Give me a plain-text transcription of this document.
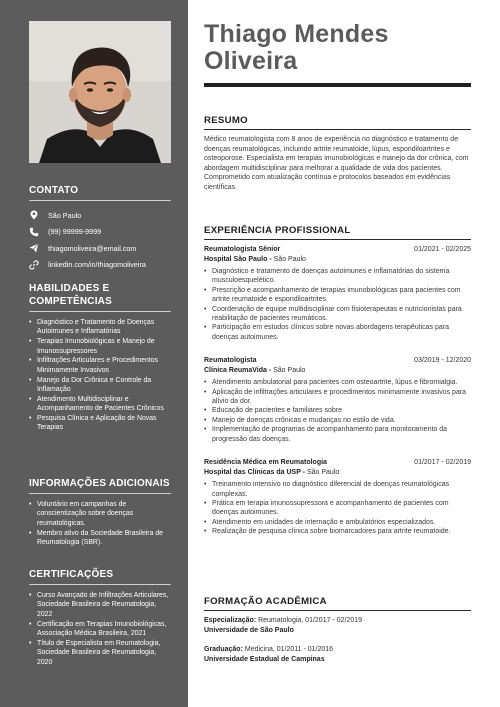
CONTATO
São Paulo
(99) 99999-9999
thiagomoliveira@email.com
linkedin.com/in/thiagomoliveira
HABILIDADES E COMPETÊNCIAS
• Diagnóstico e Tratamento de Doenças Autoimunes e Inflamatórias
• Terapias Imunobiológicas e Manejo de Imunossupressores
• Infiltrações Articulares e Procedimentos Minimamente Invasivos
• Manejo da Dor Crônica e Controle da Inflamação
• Atendimento Multidisciplinar e Acompanhamento de Pacientes Crônicos
• Pesquisa Clínica e Aplicação de Novas Terapias
INFORMAÇÕES ADICIONAIS
• Voluntário em campanhas de conscientização sobre doenças reumatológicas.
• Membro ativo da Sociedade Brasileira de Reumatologia (SBR).
CERTIFICAÇÕES
• Curso Avançado de Infiltrações Articulares, Sociedade Brasileira de Reumatologia, 2022
• Certificação em Terapias Imunobiológicas, Associação Médica Brasileira, 2021
• Título de Especialista em Reumatologia, Sociedade Brasileira de Reumatologia, 2020
Thiago Mendes Oliveira
RESUMO

Médico reumatologista com 8 anos de experiência no diagnóstico e tratamento de doenças reumatológicas, incluindo artrite reumatoide, lúpus, espondiloartrites e osteoporose. Especialista em terapias imunobiológicas e manejo da dor crônica, com abordagem multidisciplinar para melhorar a qualidade de vida dos pacientes. Comprometido com atualização contínua e protocolos baseados em evidências científicas.

EXPERIÊNCIA PROFISSIONAL
Reumatologista Sênior	01/2021 - 02/2025
Hospital São Paulo - São Paulo
• Diagnóstico e tratamento de doenças autoimunes e inflamatórias do sistema musculoesquelético.
• Prescrição e acompanhamento de terapias imunobiológicas para pacientes com artrite reumatoide e espondiloartrites.
• Coordenação de equipe multidisciplinar com fisioterapeutas e nutricionistas para reabilitação de pacientes reumáticos.
• Participação em estudos clínicos sobre novas abordagens terapêuticas para doenças autoimunes.
Reumatologista	03/2019 - 12/2020
Clínica ReumaVida - São Paulo
• Atendimento ambulatorial para pacientes com osteoartrite, lúpus e fibromialgia.
• Aplicação de infiltrações articulares e procedimentos minimamente invasivos para alívio da dor.
• Educação de pacientes e familiares sobre
• Manejo de doenças crônicas e mudanças no estilo de vida.
• Implementação de programas de acompanhamento para monitoramento da progressão das doenças.
Residência Médica em Reumatologia	01/2017 - 02/2019
Hospital das Clínicas da USP - São Paulo
• Treinamento intensivo no diagnóstico diferencial de doenças reumatológicas complexas.
• Prática em terapia imunossupressora e acompanhamento de pacientes com doenças autoimunes.
• Atendimento em unidades de internação e ambulatórios especializados.
• Realização de pesquisa clínica sobre biomarcadores para artrite reumatoide.
FORMAÇÃO ACADÊMICA
Especialização: Reumatologia, 01/2017 - 02/2019
Universidade de São Paulo
Graduação: Medicina, 01/2011 - 01/2016
Universidade Estadual de Campinas
